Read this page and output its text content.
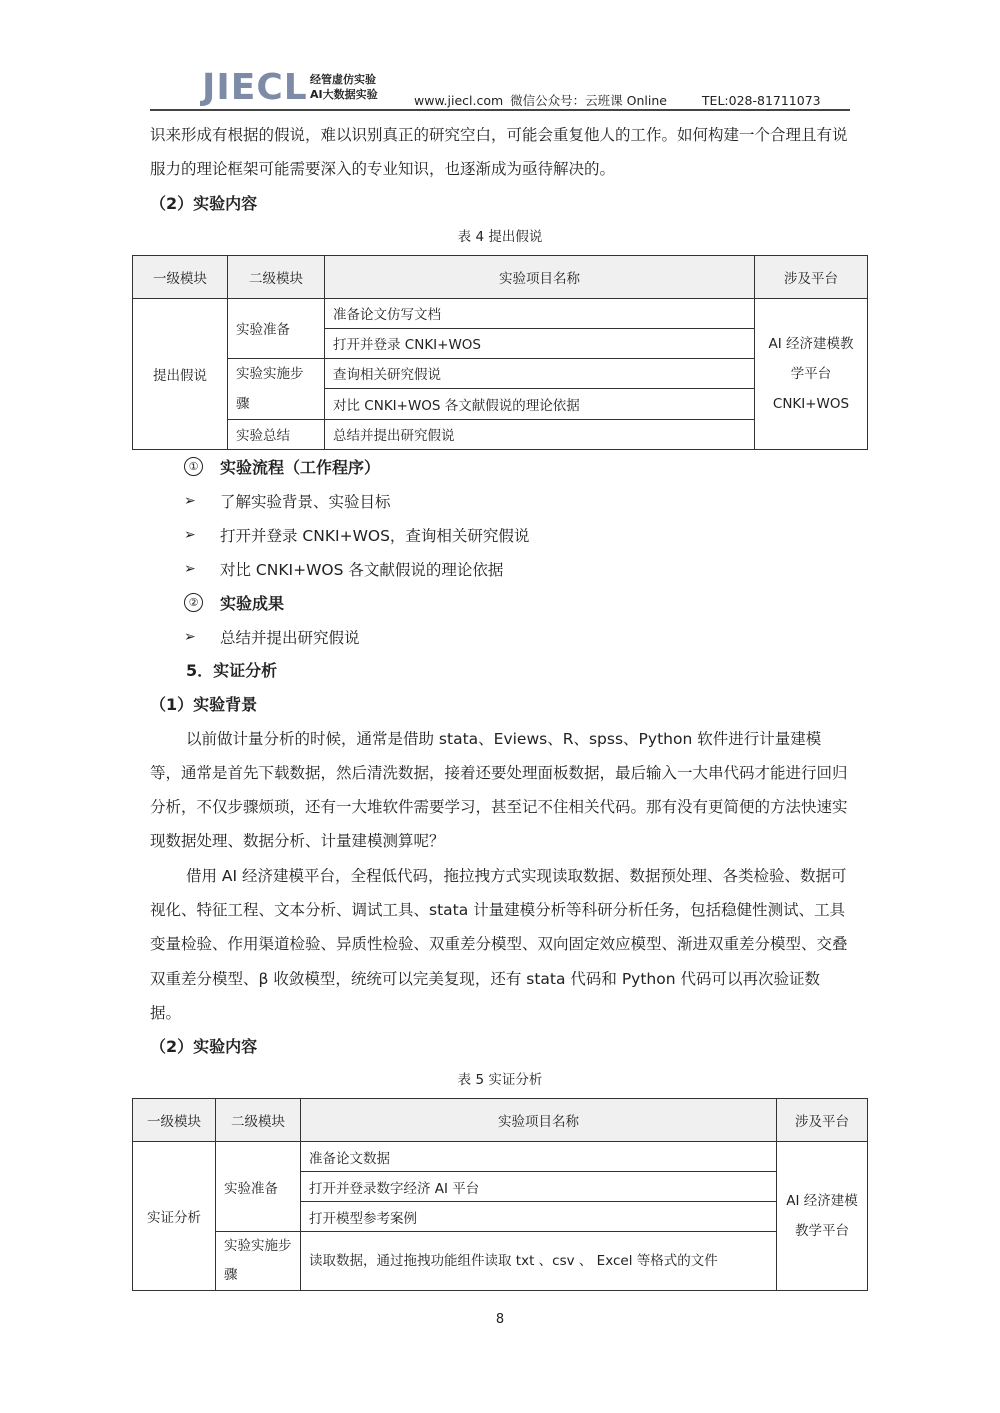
JIECL 经管虚仿实验
AI大数据实验	www.jiecl.com 微信公众号：云班课 Online	TEL:028-81711073

识来形成有根据的假说，难以识别真正的研究空白，可能会重复他人的工作。如何构建一个合理且有说服力的理论框架可能需要深入的专业知识，也逐渐成为亟待解决的。

（2）实验内容

表 4 提出假说
一级模块	二级模块	实验项目名称	涉及平台
提出假说	实验准备	准备论文仿写文档	AI 经济建模教学平台 CNKI+WOS
		打开并登录 CNKI+WOS	
	实验实施步骤	查询相关研究假说	
		对比 CNKI+WOS 各文献假说的理论依据	
	实验总结	总结并提出研究假说	
①	实验流程（工作程序）
➢	了解实验背景、实验目标
➢	打开并登录 CNKI+WOS，查询相关研究假说
➢	对比 CNKI+WOS 各文献假说的理论依据
②	实验成果
➢	总结并提出研究假说

5．实证分析

（1）实验背景

以前做计量分析的时候，通常是借助 stata、Eviews、R、spss、Python 软件进行计量建模等，通常是首先下载数据，然后清洗数据，接着还要处理面板数据，最后输入一大串代码才能进行回归分析，不仅步骤烦琐，还有一大堆软件需要学习，甚至记不住相关代码。那有没有更简便的方法快速实现数据处理、数据分析、计量建模测算呢？

借用 AI 经济建模平台，全程低代码，拖拉拽方式实现读取数据、数据预处理、各类检验、数据可视化、特征工程、文本分析、调试工具、stata 计量建模分析等科研分析任务，包括稳健性测试、工具变量检验、作用渠道检验、异质性检验、双重差分模型、双向固定效应模型、渐进双重差分模型、交叠双重差分模型、β 收敛模型，统统可以完美复现，还有 stata 代码和 Python 代码可以再次验证数据。

（2）实验内容

表 5 实证分析
一级模块	二级模块	实验项目名称	涉及平台
实证分析	实验准备	准备论文数据	AI 经济建模教学平台
		打开并登录数字经济 AI 平台	
		打开模型参考案例	
	实验实施步骤	读取数据，通过拖拽功能组件读取 txt 、csv 、 Excel 等格式的文件	
8
